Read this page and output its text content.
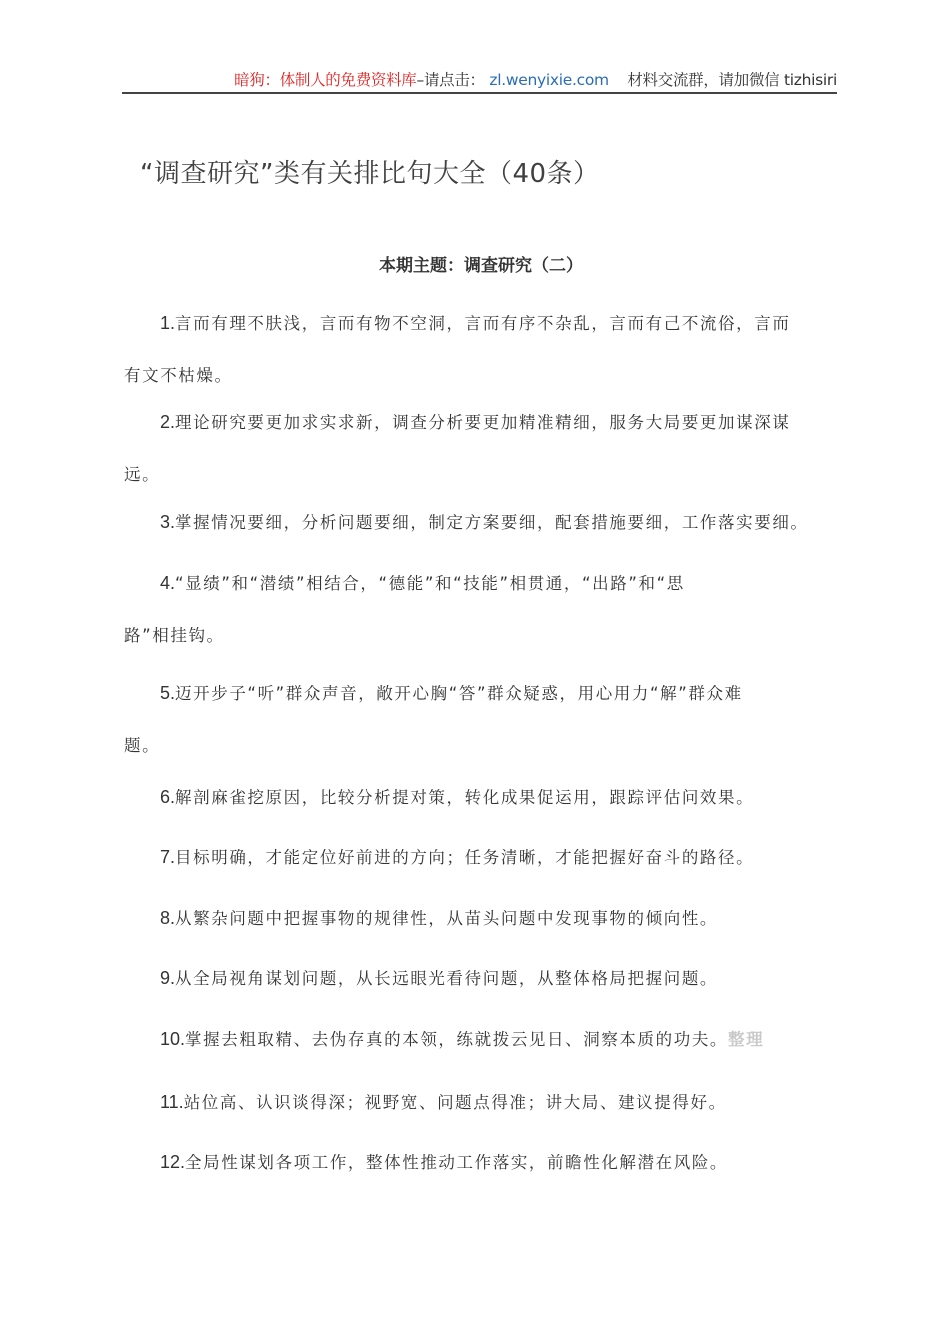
暗狗：体制人的免费资料库–请点击： zl.wenyixie.com 材料交流群，请加微信 tizhisiri
“调查研究”类有关排比句大全（40条）
本期主题：调查研究（二）
1.言而有理不肤浅，言而有物不空洞，言而有序不杂乱，言而有己不流俗，言而
有文不枯燥。
2.理论研究要更加求实求新，调查分析要更加精准精细，服务大局要更加谋深谋
远。
3.掌握情况要细，分析问题要细，制定方案要细，配套措施要细，工作落实要细。
4.“显绩”和“潜绩”相结合，“德能”和“技能”相贯通，“出路”和“思
路”相挂钩。
5.迈开步子“听”群众声音，敞开心胸“答”群众疑惑，用心用力“解”群众难
题。
6.解剖麻雀挖原因，比较分析提对策，转化成果促运用，跟踪评估问效果。
7.目标明确，才能定位好前进的方向；任务清晰，才能把握好奋斗的路径。
8.从繁杂问题中把握事物的规律性，从苗头问题中发现事物的倾向性。
9.从全局视角谋划问题，从长远眼光看待问题，从整体格局把握问题。
10.掌握去粗取精、去伪存真的本领，练就拨云见日、洞察本质的功夫。整理
11.站位高、认识谈得深；视野宽、问题点得准；讲大局、建议提得好。
12.全局性谋划各项工作，整体性推动工作落实，前瞻性化解潜在风险。
